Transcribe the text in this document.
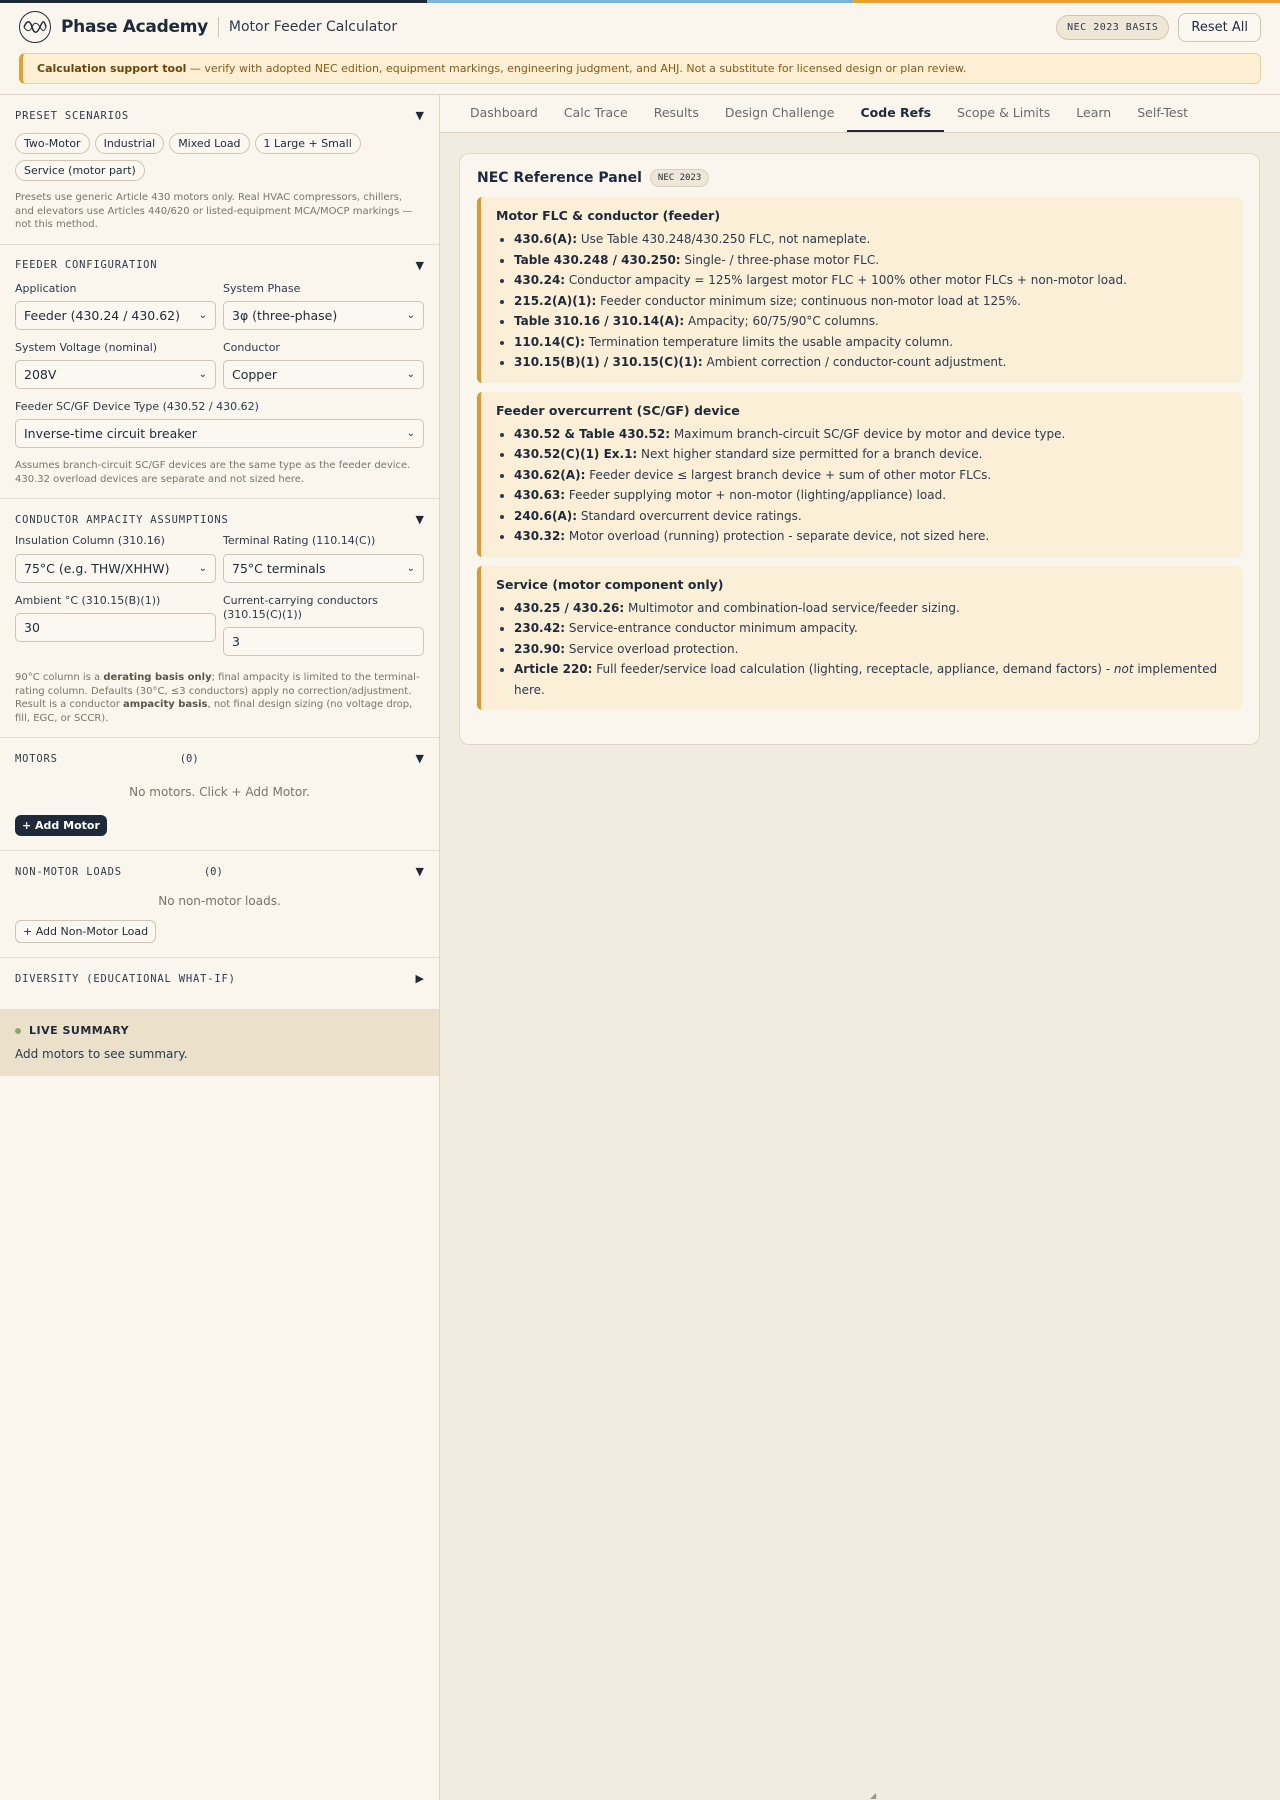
Phase Academy Motor Feeder Calculator	NEC 2023 BASIS	Reset All
Calculation support tool — verify with adopted NEC edition, equipment markings, engineering judgment, and AHJ. Not a substitute for licensed design or plan review.
PRESET SCENARIOS	▼
Two-Motor	Industrial	Mixed Load	1 Large + Small
Service (motor part)

Presets use generic Article 430 motors only. Real HVAC compressors, chillers, and elevators use Articles 440/620 or listed-equipment MCA/MOCP markings — not this method.

FEEDER CONFIGURATION	▼
Application
Feeder (430.24 / 430.62)	⌄
System Phase
3φ (three-phase)	⌄
System Voltage (nominal)
208V	⌄
Conductor
Copper	⌄
Feeder SC/GF Device Type (430.52 / 430.62)
Inverse-time circuit breaker	⌄

Assumes branch-circuit SC/GF devices are the same type as the feeder device. 430.32 overload devices are separate and not sized here.

CONDUCTOR AMPACITY ASSUMPTIONS	▼
Insulation Column (310.16)
75°C (e.g. THW/XHHW)	⌄
Terminal Rating (110.14(C))
75°C terminals	⌄
Ambient °C (310.15(B)(1))
30
Current-carrying conductors (310.15(C)(1))
3

90°C column is a derating basis only; final ampacity is limited to the terminal-rating column. Defaults (30°C, ≤3 conductors) apply no correction/adjustment. Result is a conductor ampacity basis, not final design sizing (no voltage drop, fill, EGC, or SCCR).

MOTORS	(0)	▼

No motors. Click + Add Motor.

+ Add Motor
NON-MOTOR LOADS	(0)	▼

No non-motor loads.

+ Add Non-Motor Load
DIVERSITY (EDUCATIONAL WHAT-IF)	▶
LIVE SUMMARY

Add motors to see summary.

Dashboard	Calc Trace	Results	Design Challenge	Code Refs	Scope & Limits	Learn	Self-Test
NEC Reference Panel	NEC 2023
Motor FLC & conductor (feeder)
• 430.6(A): Use Table 430.248/430.250 FLC, not nameplate.
• Table 430.248 / 430.250: Single- / three-phase motor FLC.
• 430.24: Conductor ampacity = 125% largest motor FLC + 100% other motor FLCs + non-motor load.
• 215.2(A)(1): Feeder conductor minimum size; continuous non-motor load at 125%.
• Table 310.16 / 310.14(A): Ampacity; 60/75/90°C columns.
• 110.14(C): Termination temperature limits the usable ampacity column.
• 310.15(B)(1) / 310.15(C)(1): Ambient correction / conductor-count adjustment.
Feeder overcurrent (SC/GF) device
• 430.52 & Table 430.52: Maximum branch-circuit SC/GF device by motor and device type.
• 430.52(C)(1) Ex.1: Next higher standard size permitted for a branch device.
• 430.62(A): Feeder device ≤ largest branch device + sum of other motor FLCs.
• 430.63: Feeder supplying motor + non-motor (lighting/appliance) load.
• 240.6(A): Standard overcurrent device ratings.
• 430.32: Motor overload (running) protection - separate device, not sized here.
Service (motor component only)
• 430.25 / 430.26: Multimotor and combination-load service/feeder sizing.
• 230.42: Service-entrance conductor minimum ampacity.
• 230.90: Service overload protection.
• Article 220: Full feeder/service load calculation (lighting, receptacle, appliance, demand factors) - not implemented here.
◢
